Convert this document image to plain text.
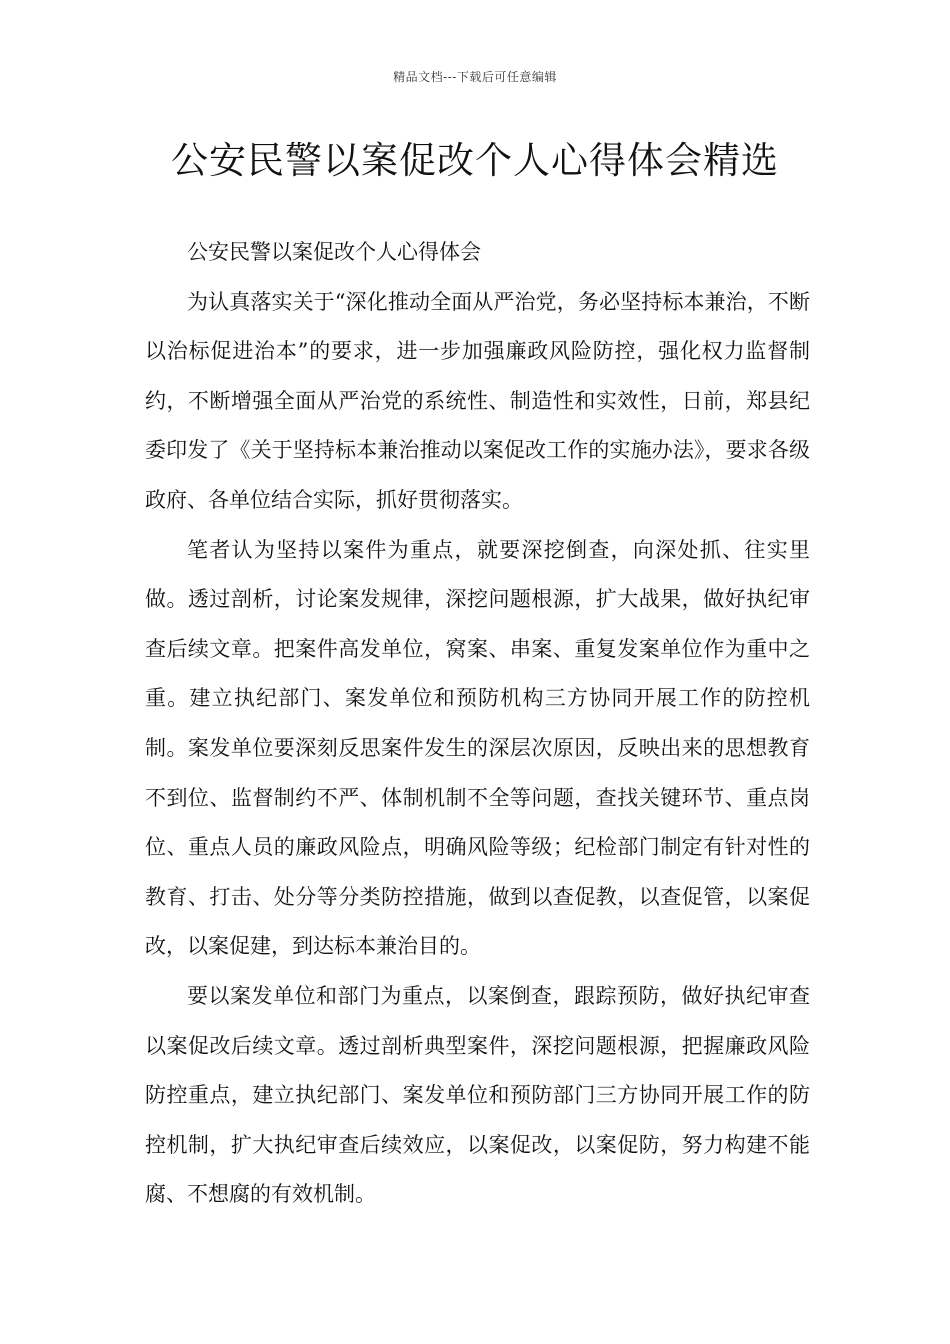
精品文档---下载后可任意编辑
公安民警以案促改个人心得体会精选

公安民警以案促改个人心得体会

为认真落实关于“深化推动全面从严治党，务必坚持标本兼治，不断以治标促进治本”的要求，进一步加强廉政风险防控，强化权力监督制约，不断增强全面从严治党的系统性、制造性和实效性，日前，郑县纪委印发了《关于坚持标本兼治推动以案促改工作的实施办法》，要求各级政府、各单位结合实际，抓好贯彻落实。

笔者认为坚持以案件为重点，就要深挖倒查，向深处抓、往实里做。透过剖析，讨论案发规律，深挖问题根源，扩大战果，做好执纪审查后续文章。把案件高发单位，窝案、串案、重复发案单位作为重中之重。建立执纪部门、案发单位和预防机构三方协同开展工作的防控机制。案发单位要深刻反思案件发生的深层次原因，反映出来的思想教育不到位、监督制约不严、体制机制不全等问题，查找关键环节、重点岗位、重点人员的廉政风险点，明确风险等级；纪检部门制定有针对性的教育、打击、处分等分类防控措施，做到以查促教，以查促管，以案促改，以案促建，到达标本兼治目的。

要以案发单位和部门为重点，以案倒查，跟踪预防，做好执纪审查以案促改后续文章。透过剖析典型案件，深挖问题根源，把握廉政风险防控重点，建立执纪部门、案发单位和预防部门三方协同开展工作的防控机制，扩大执纪审查后续效应，以案促改，以案促防，努力构建不能腐、不想腐的有效机制。
